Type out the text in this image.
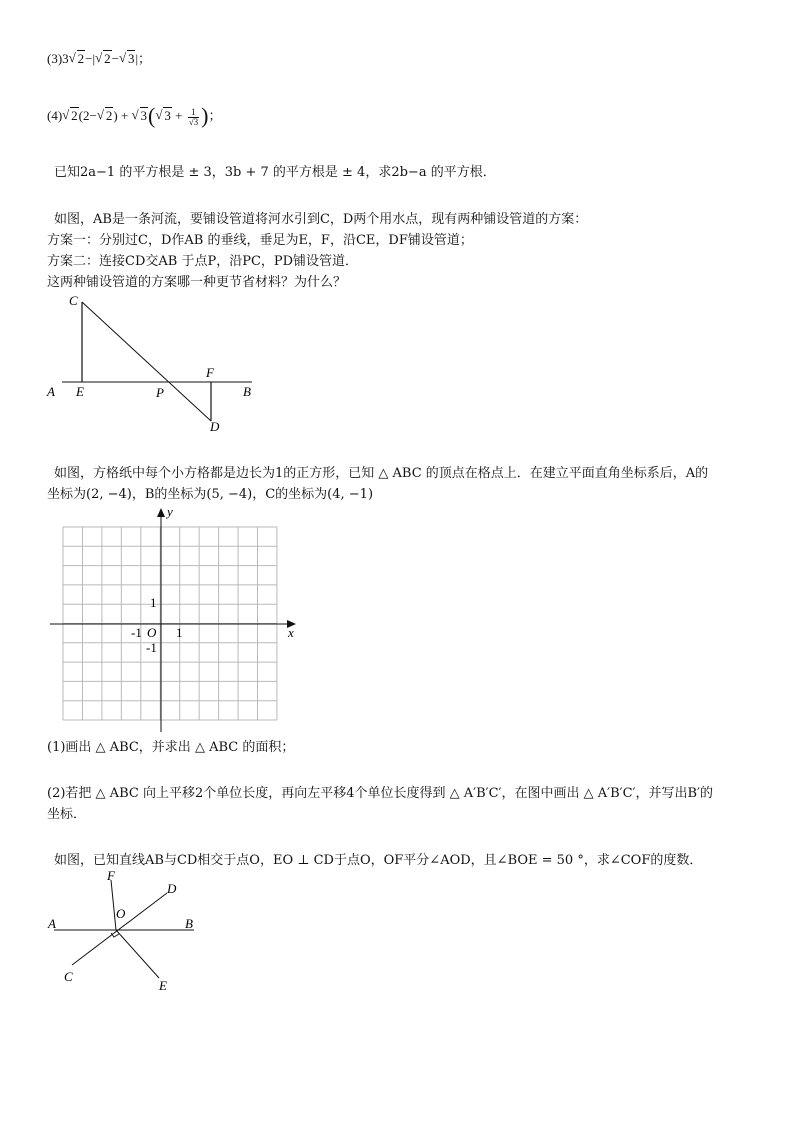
(3)3 √ 2−| √ 2− √ 3|；
(4) √ 2(2− √ 2) + √ 3( √ $3 + \frac{1}{√3}$ )；
已知2a−1 的平方根是 ± 3，3b + 7 的平方根是 ± 4，求2b−a 的平方根．
如图，AB是一条河流，要铺设管道将河水引到C，D两个用水点，现有两种铺设管道的方案：
方案一：分别过C，D作AB 的垂线，垂足为E，F，沿CE，DF铺设管道；
方案二：连接CD交AB 于点P，沿PC，PD铺设管道．
这两种铺设管道的方案哪一种更节省材料？为什么？
C
A E	P
F
B
D
如图，方格纸中每个小方格都是边长为1的正方形，已知 △ ABC 的顶点在格点上．在建立平面直角坐标系后，A的
坐标为(2, −4)，B的坐标为(5, −4)，C的坐标为(4, −1)
y
x
1
-1 O 1
-1
(1)画出 △ ABC，并求出 △ ABC 的面积；
(2)若把 △ ABC 向上平移2个单位长度，再向左平移4个单位长度得到 △ A′B′C′，在图中画出 △ A′B′C′，并写出B′的
坐标．
如图，已知直线AB与CD相交于点O，EO ⊥ CD于点O，OF平分∠AOD，且∠BOE = 50 °，求∠COF的度数．
F
D
O
A	B
C
E
